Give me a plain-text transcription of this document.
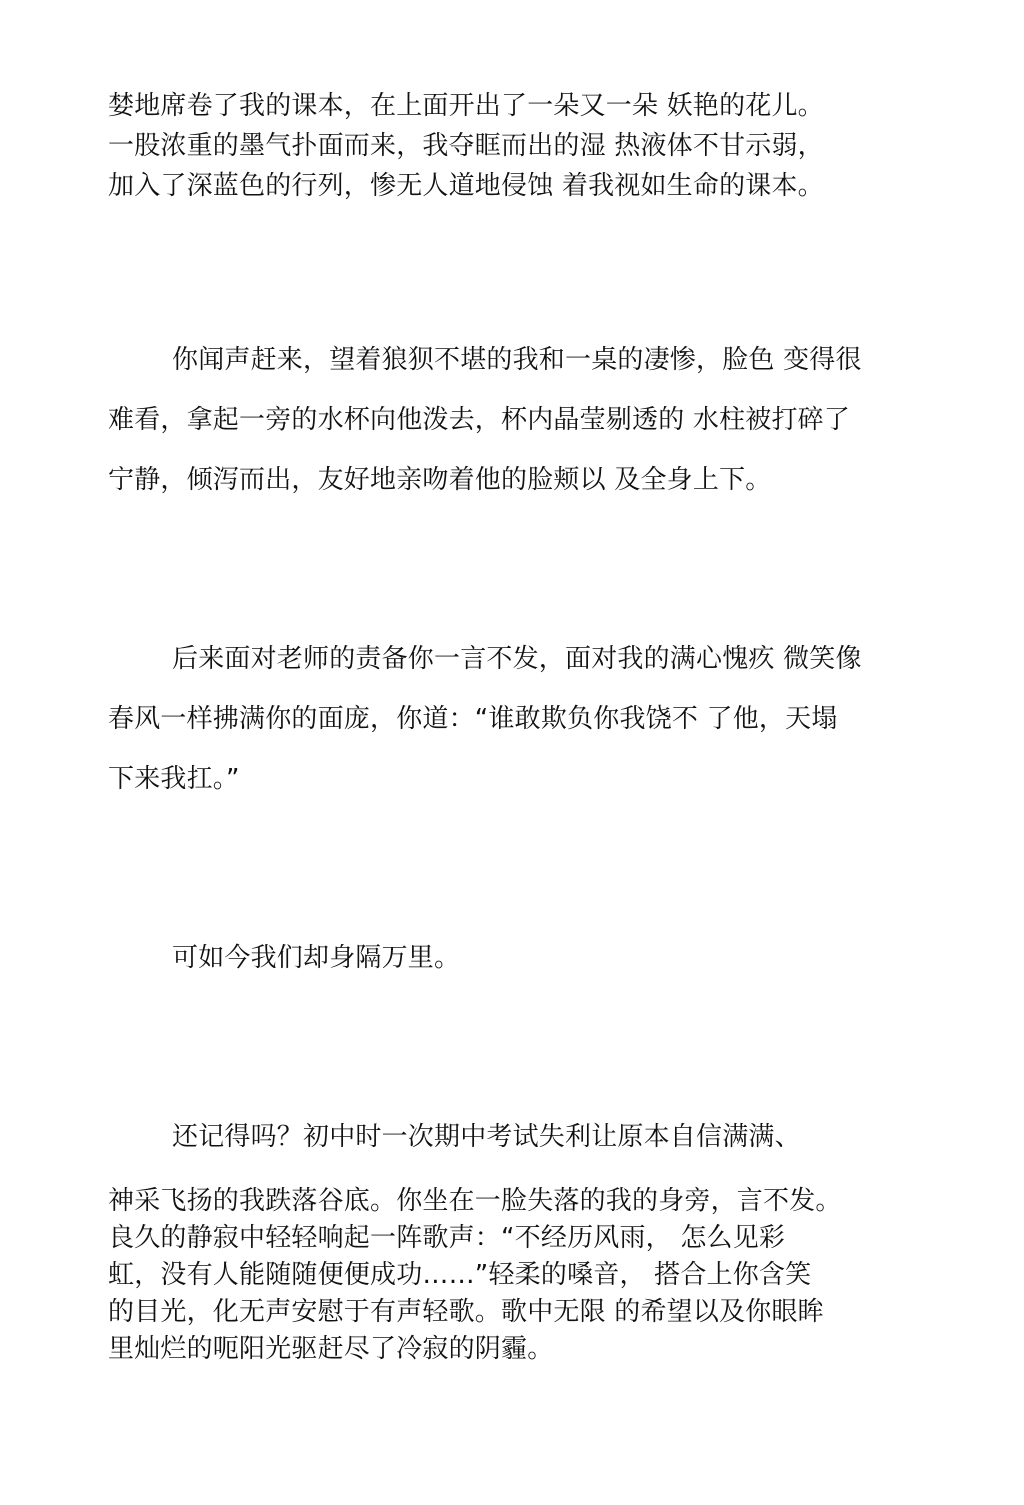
婪地席卷了我的课本，在上面开出了一朵又一朵 妖艳的花儿。
一股浓重的墨气扑面而来，我夺眶而出的湿 热液体不甘示弱，
加入了深蓝色的行列，惨无人道地侵蚀 着我视如生命的课本。
你闻声赶来，望着狼狈不堪的我和一桌的凄惨，脸色 变得很
难看，拿起一旁的水杯向他泼去，杯内晶莹剔透的 水柱被打碎了
宁静，倾泻而出，友好地亲吻着他的脸颊以 及全身上下。
后来面对老师的责备你一言不发，面对我的满心愧疚 微笑像
春风一样拂满你的面庞，你道：“谁敢欺负你我饶不 了他，天塌
下来我扛。”
可如今我们却身隔万里。
还记得吗？初中时一次期中考试失利让原本自信满满、
神采飞扬的我跌落谷底。你坐在一脸失落的我的身旁，言不发。
良久的静寂中轻轻响起一阵歌声：“不经历风雨， 怎么见彩
虹，没有人能随随便便成功……”轻柔的嗓音， 搭合上你含笑
的目光，化无声安慰于有声轻歌。歌中无限 的希望以及你眼眸
里灿烂的呃阳光驱赶尽了冷寂的阴霾。
